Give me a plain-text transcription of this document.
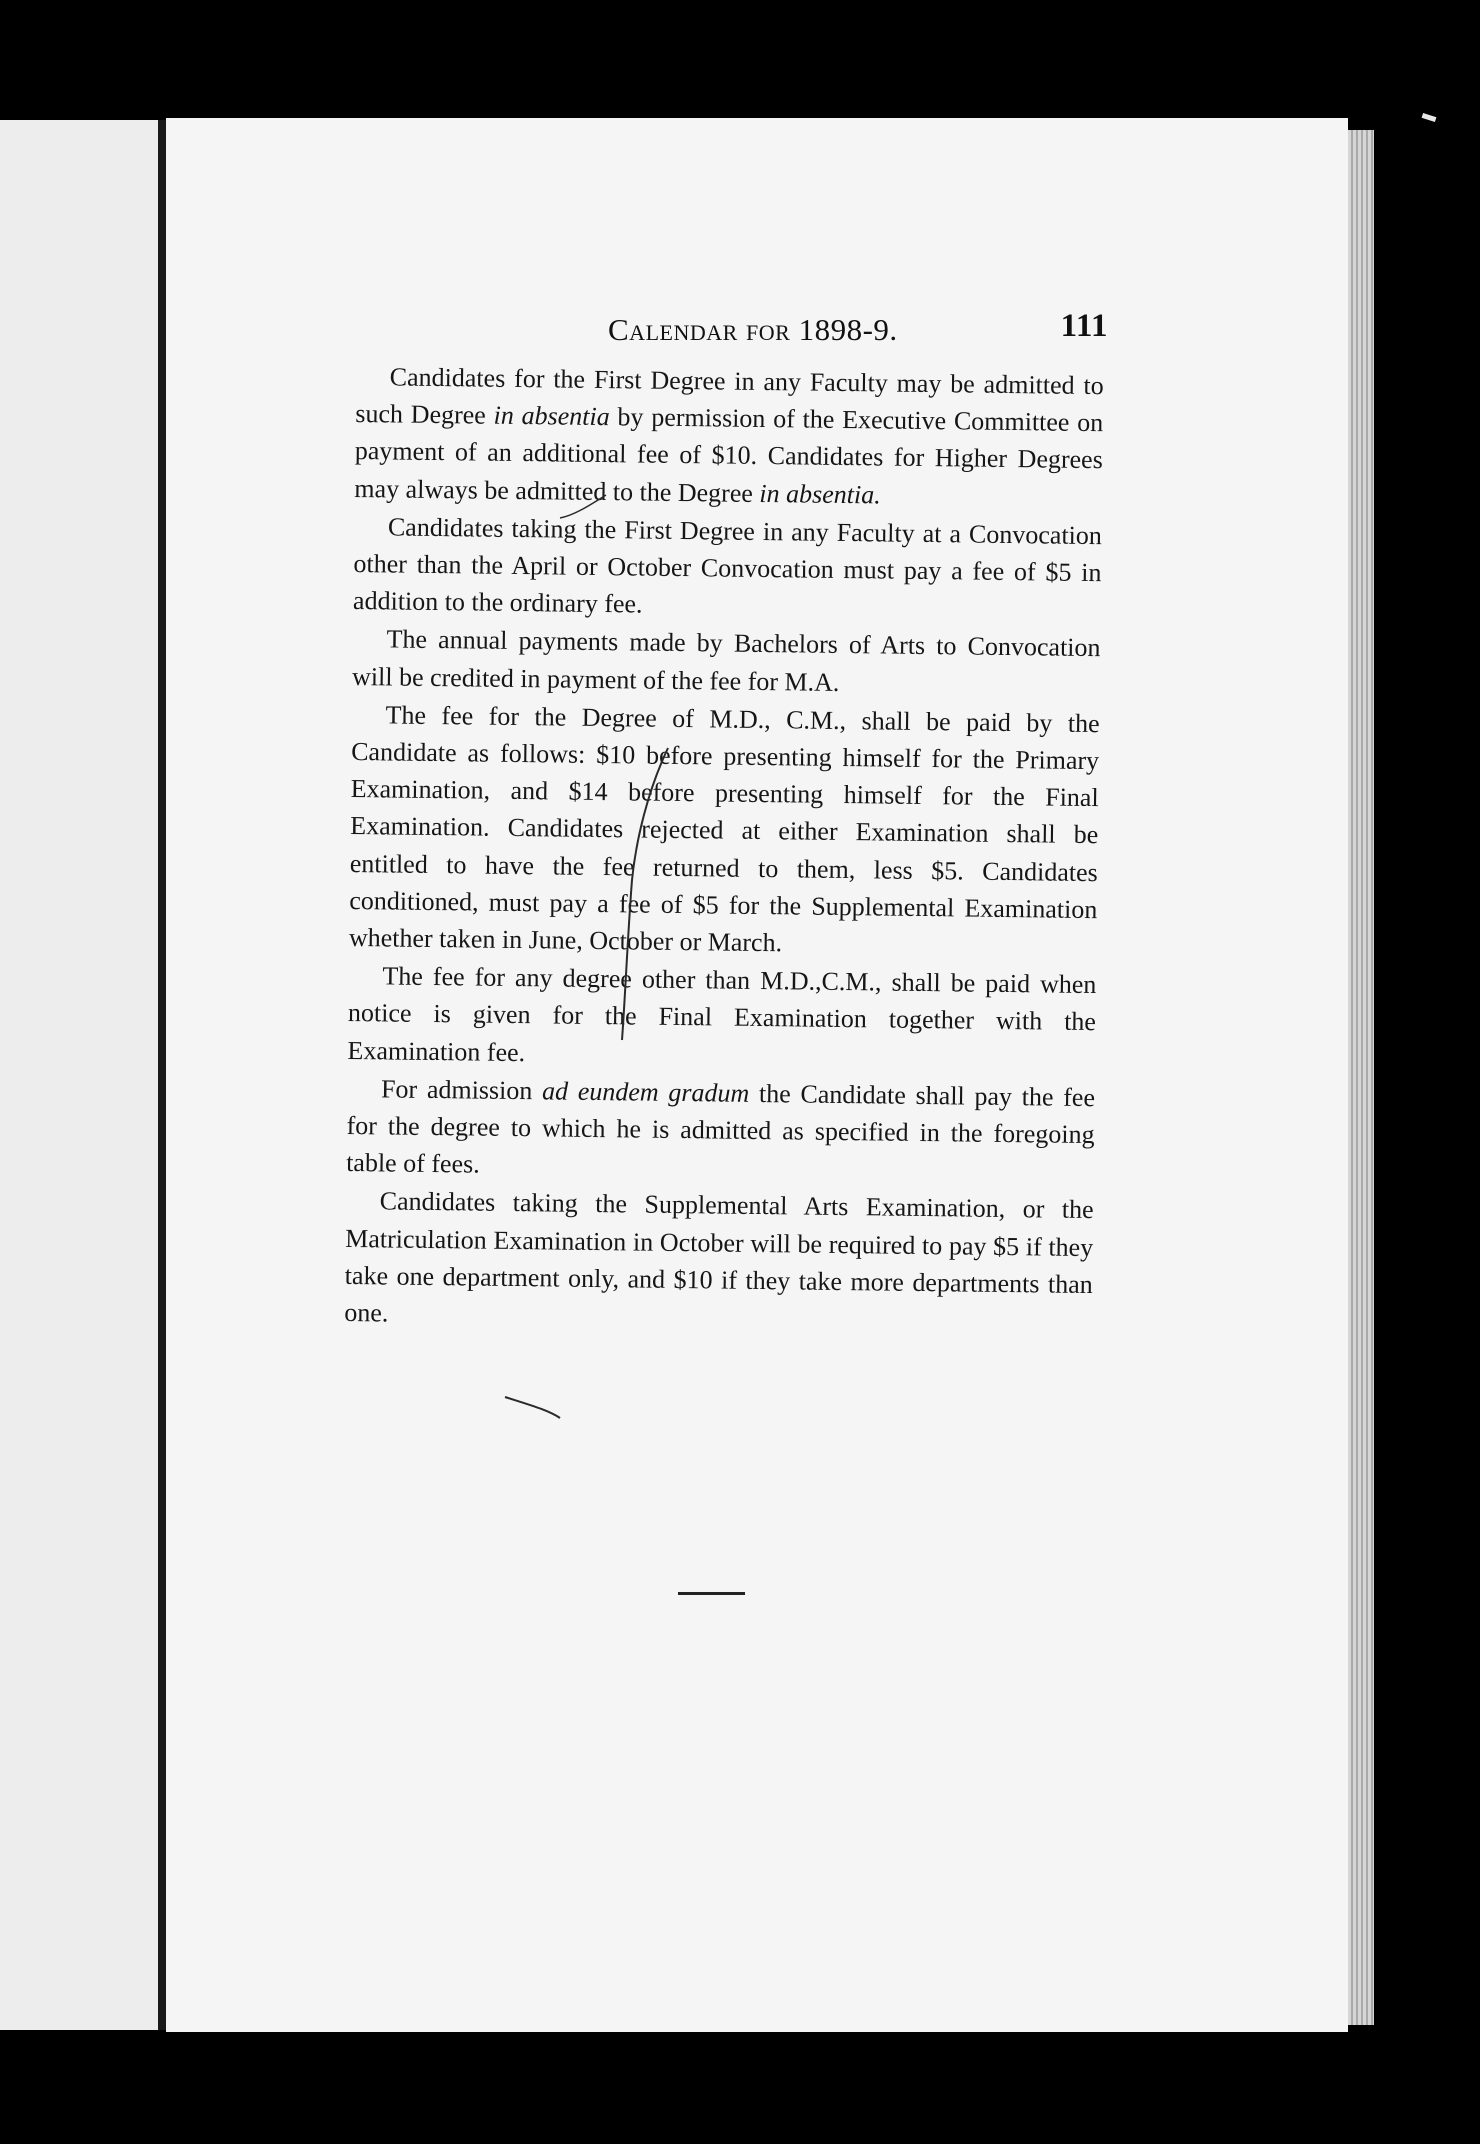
Calendar for 1898-9.	111

Candidates for the First Degree in any Faculty may be admitted to such Degree in absentia by permission of the Executive Committee on payment of an additional fee of $10. Candidates for Higher Degrees may always be admitted to the Degree in absentia.

Candidates taking the First Degree in any Faculty at a Convocation other than the April or October Convocation must pay a fee of $5 in addition to the ordinary fee.

The annual payments made by Bachelors of Arts to Convocation will be credited in payment of the fee for M.A.

The fee for the Degree of M.D., C.M., shall be paid by the Candidate as follows: $10 before presenting himself for the Primary Examination, and $14 before presenting himself for the Final Examination. Candidates rejected at either Examination shall be entitled to have the fee returned to them, less $5. Candidates conditioned, must pay a fee of $5 for the Supplemental Examination whether taken in June, October or March.

The fee for any degree other than M.D.,C.M., shall be paid when notice is given for the Final Examination together with the Examination fee.

For admission ad eundem gradum the Candidate shall pay the fee for the degree to which he is admitted as specified in the foregoing table of fees.

Candidates taking the Supplemental Arts Examination, or the Matriculation Examination in October will be required to pay $5 if they take one department only, and $10 if they take more departments than one.
